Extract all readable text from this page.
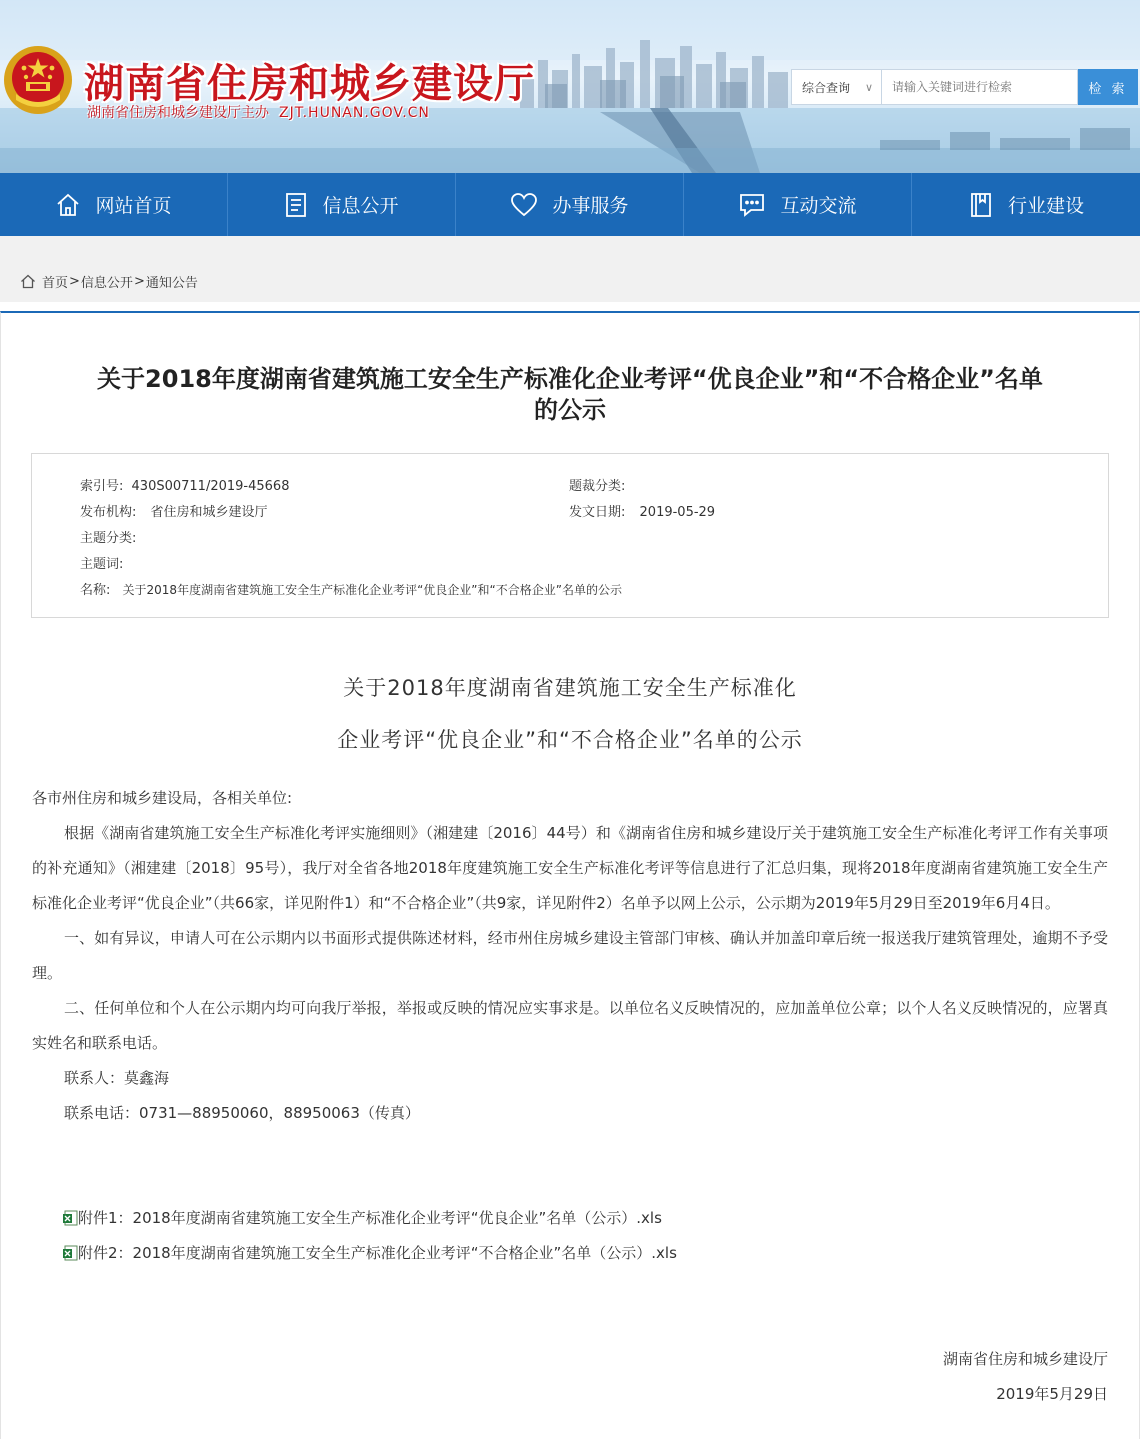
湖南省住房和城乡建设厅
湖南省住房和城乡建设厅主办 ZJT.HUNAN.GOV.CN
综合查询 ∨
请输入关键词进行检索	检 索
网站首页	信息公开	办事服务	互动交流	行业建设
首页 > 信息公开 > 通知公告
关于2018年度湖南省建筑施工安全生产标准化企业考评“优良企业”和“不合格企业”名单
的公示
索引号: 430S00711/2019-45668	题裁分类:
发布机构: 省住房和城乡建设厅	发文日期: 2019-05-29
主题分类:
主题词:
名称: 关于2018年度湖南省建筑施工安全生产标准化企业考评“优良企业”和“不合格企业”名单的公示
关于2018年度湖南省建筑施工安全生产标准化
企业考评“优良企业”和“不合格企业”名单的公示
各市州住房和城乡建设局，各相关单位:
根据《湖南省建筑施工安全生产标准化考评实施细则》（湘建建〔2016〕44号）和《湖南省住房和城乡建设厅关于建筑施工安全生产标准化考评工作有关事项的补充通知》（湘建建〔2018〕95号），我厅对全省各地2018年度建筑施工安全生产标准化考评等信息进行了汇总归集，现将2018年度湖南省建筑施工安全生产标准化企业考评“优良企业”（共66家，详见附件1）和“不合格企业”（共9家，详见附件2）名单予以网上公示，公示期为2019年5月29日至2019年6月4日。
一、如有异议，申请人可在公示期内以书面形式提供陈述材料，经市州住房城乡建设主管部门审核、确认并加盖印章后统一报送我厅建筑管理处，逾期不予受理。
二、任何单位和个人在公示期内均可向我厅举报，举报或反映的情况应实事求是。以单位名义反映情况的，应加盖单位公章；以个人名义反映情况的，应署真实姓名和联系电话。
联系人：莫鑫海
联系电话：0731—88950060，88950063（传真）
附件1：2018年度湖南省建筑施工安全生产标准化企业考评“优良企业”名单（公示）.xls
附件2：2018年度湖南省建筑施工安全生产标准化企业考评“不合格企业”名单（公示）.xls
湖南省住房和城乡建设厅
2019年5月29日
